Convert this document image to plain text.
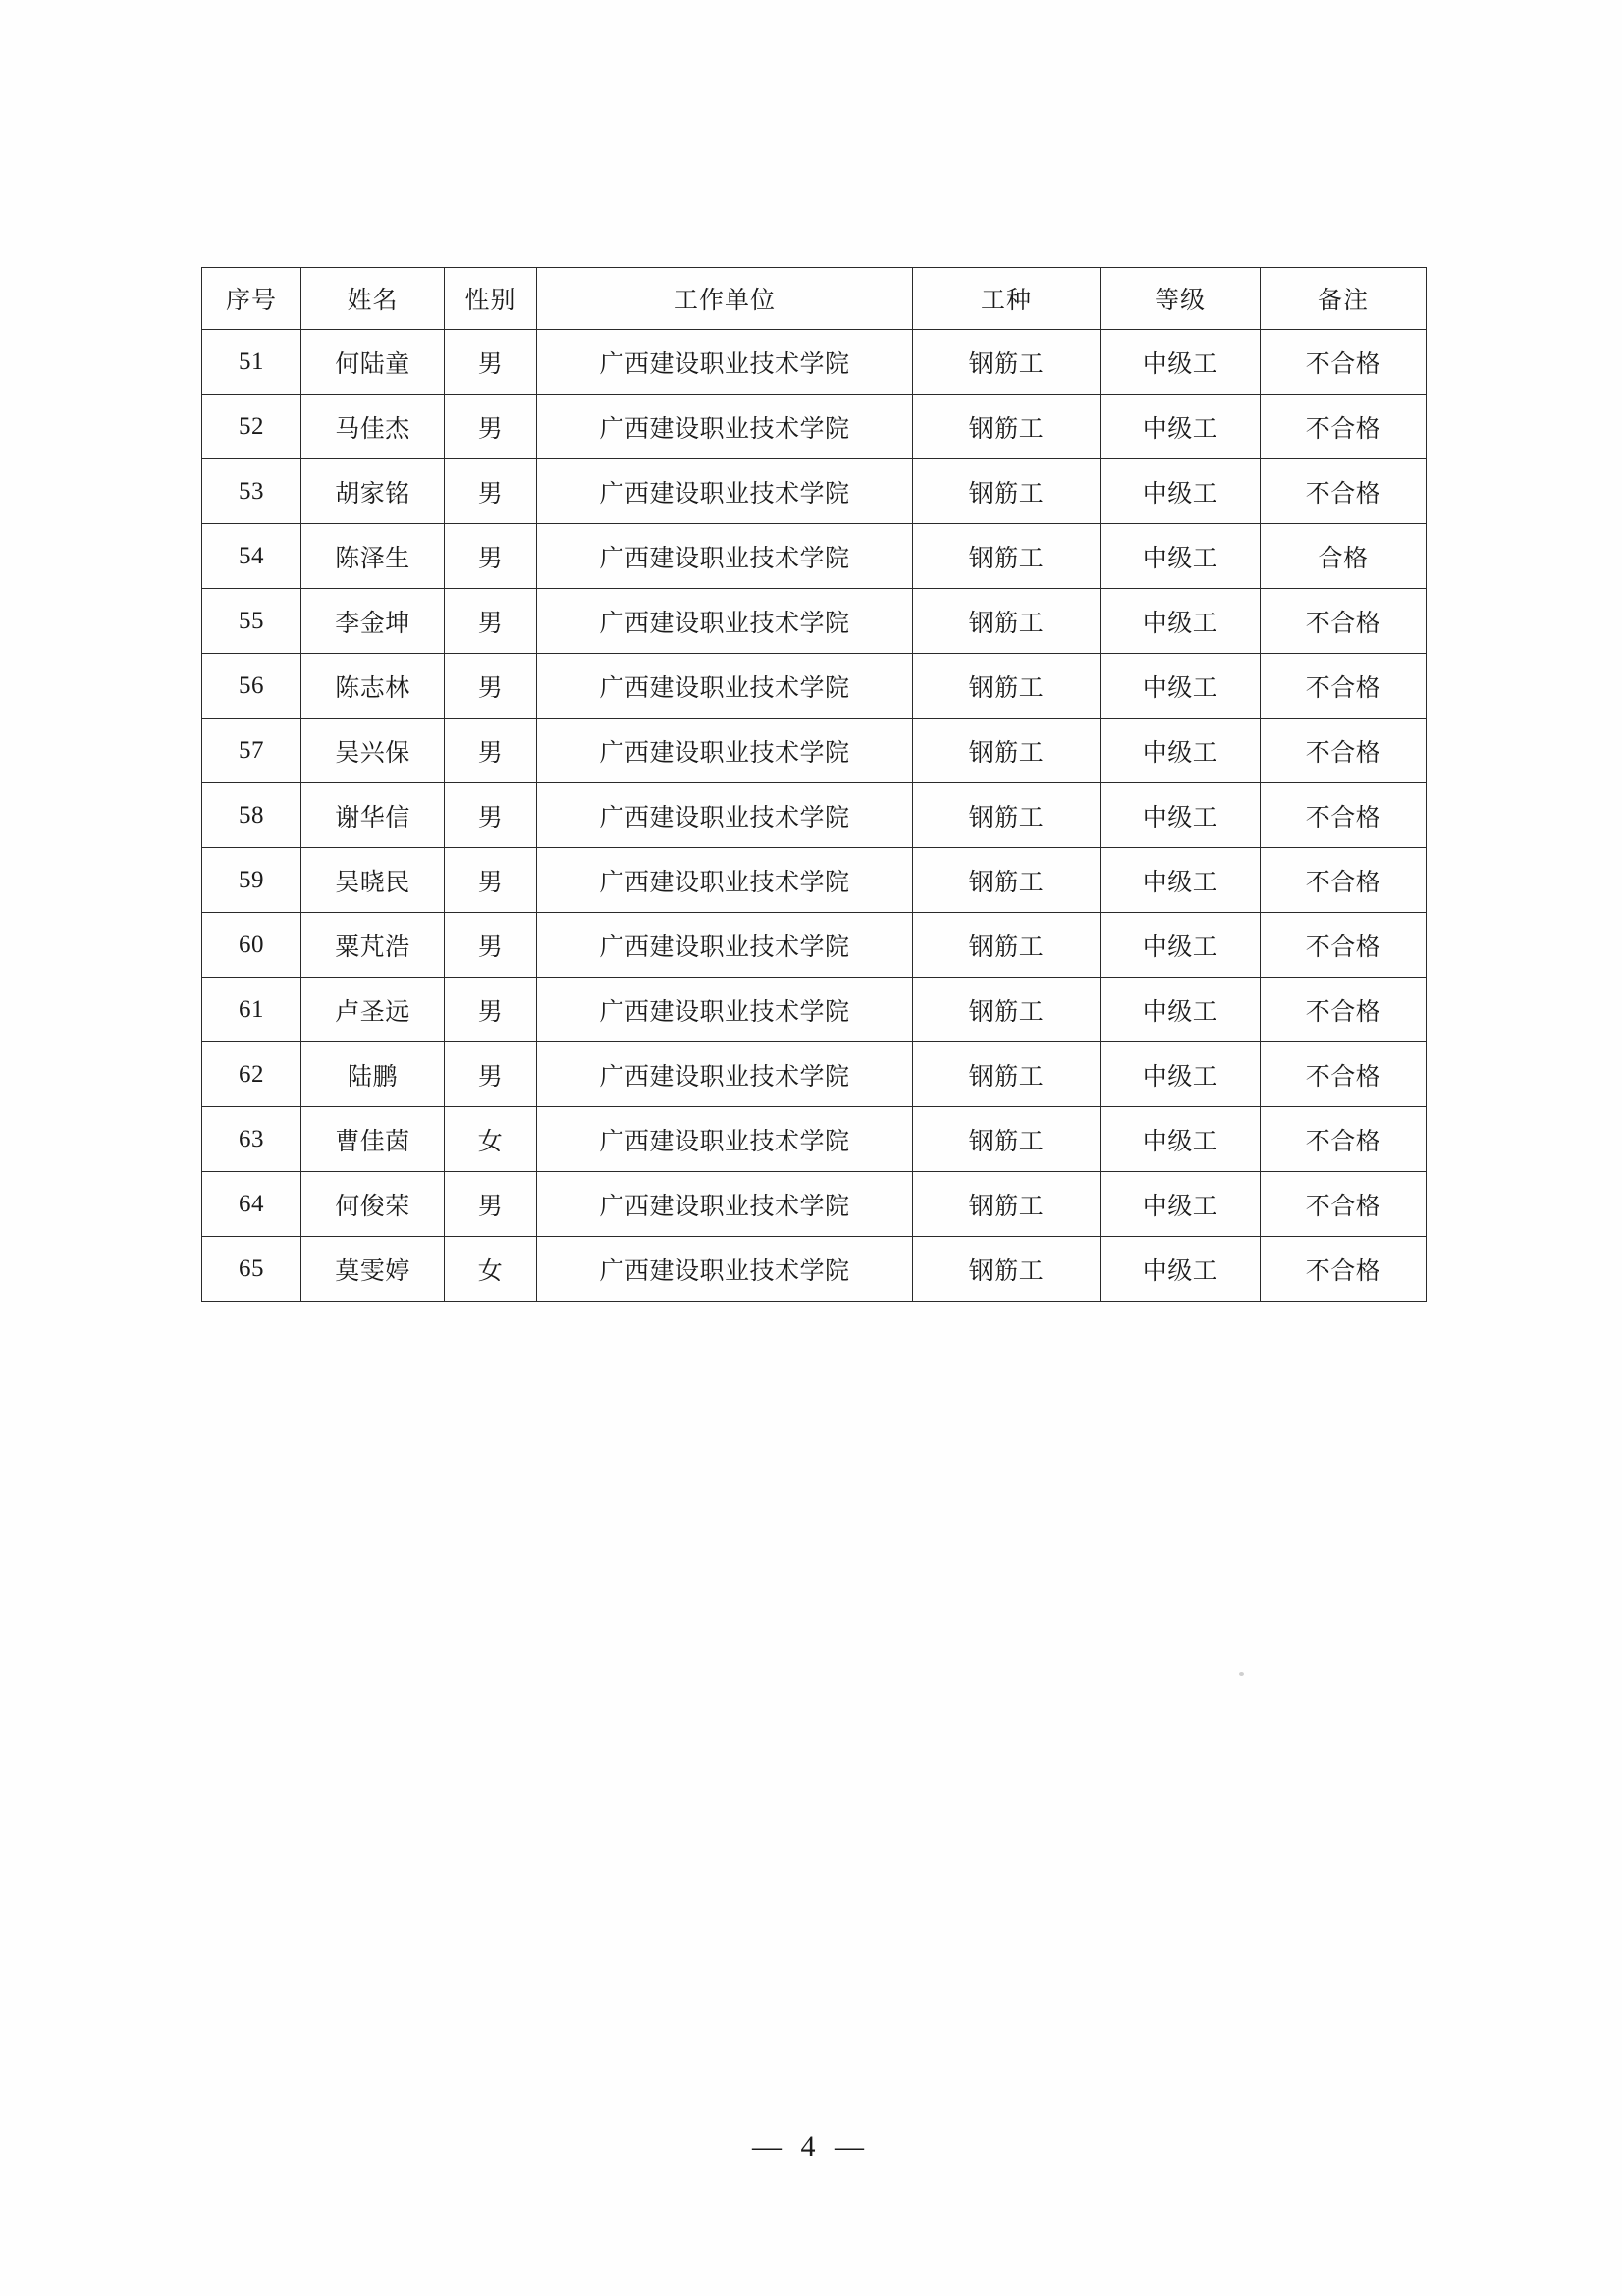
序号	姓名	性别	工作单位	工种	等级	备注
51	何陆童	男	广西建设职业技术学院	钢筋工	中级工	不合格
52	马佳杰	男	广西建设职业技术学院	钢筋工	中级工	不合格
53	胡家铭	男	广西建设职业技术学院	钢筋工	中级工	不合格
54	陈泽生	男	广西建设职业技术学院	钢筋工	中级工	合格
55	李金坤	男	广西建设职业技术学院	钢筋工	中级工	不合格
56	陈志林	男	广西建设职业技术学院	钢筋工	中级工	不合格
57	吴兴保	男	广西建设职业技术学院	钢筋工	中级工	不合格
58	谢华信	男	广西建设职业技术学院	钢筋工	中级工	不合格
59	吴晓民	男	广西建设职业技术学院	钢筋工	中级工	不合格
60	粟芃浩	男	广西建设职业技术学院	钢筋工	中级工	不合格
61	卢圣远	男	广西建设职业技术学院	钢筋工	中级工	不合格
62	陆鹏	男	广西建设职业技术学院	钢筋工	中级工	不合格
63	曹佳茵	女	广西建设职业技术学院	钢筋工	中级工	不合格
64	何俊荣	男	广西建设职业技术学院	钢筋工	中级工	不合格
65	莫雯婷	女	广西建设职业技术学院	钢筋工	中级工	不合格
— 4 —
